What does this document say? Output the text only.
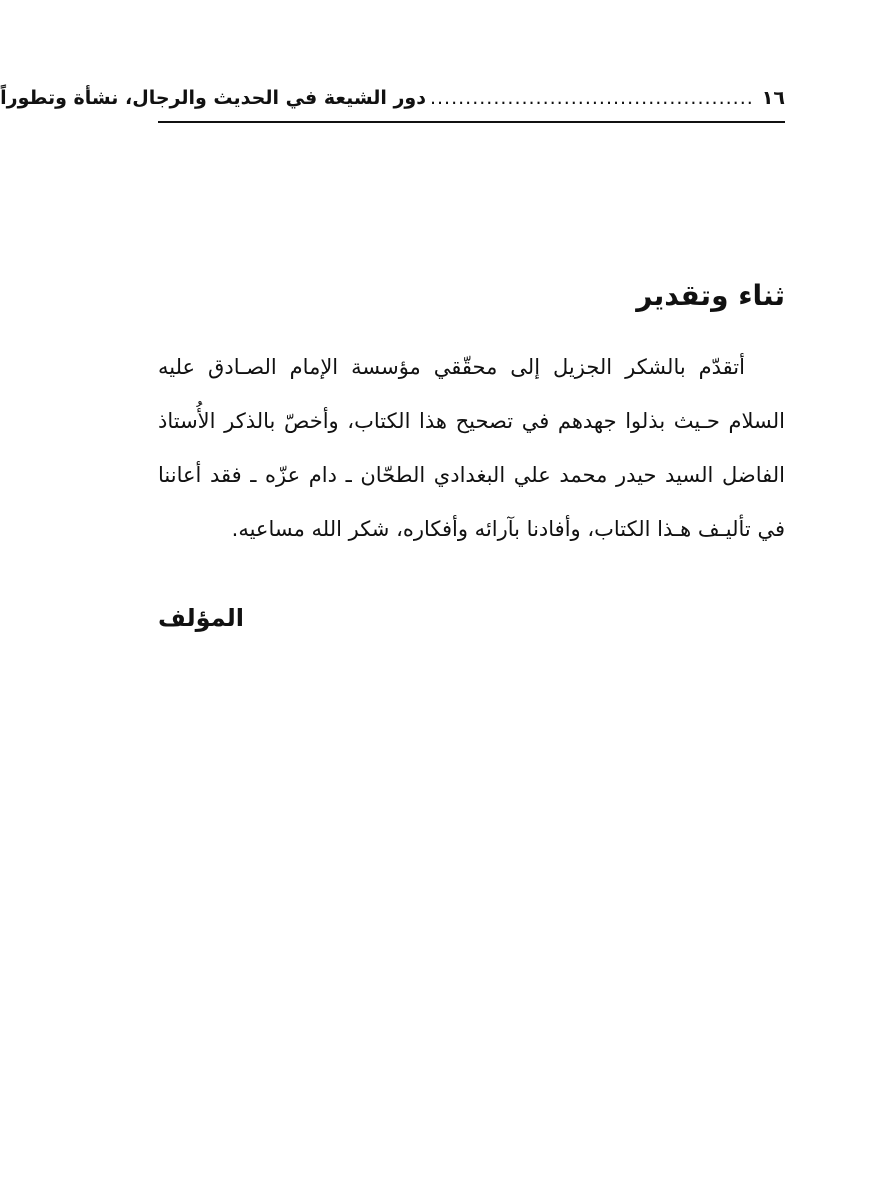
١٦
..............................................
دور الشيعة في الحديث والرجال، نشأة وتطوراً
ثناء وتقدير

أتقدّم بالشكر الجزيل إلى محقّقي مؤسسة الإمام الصـادق عليه السلام حـيث بذلوا جهدهم في تصحيح هذا الكتاب، وأخصّ بالذكر الأُستاذ الفاضل السيد حيدر محمد علي البغدادي الطحّان ـ دام عزّه ـ فقد أعاننا في تأليـف هـذا الكتاب، وأفادنا بآرائه وأفكاره، شكر الله مساعيه.

المؤلف
